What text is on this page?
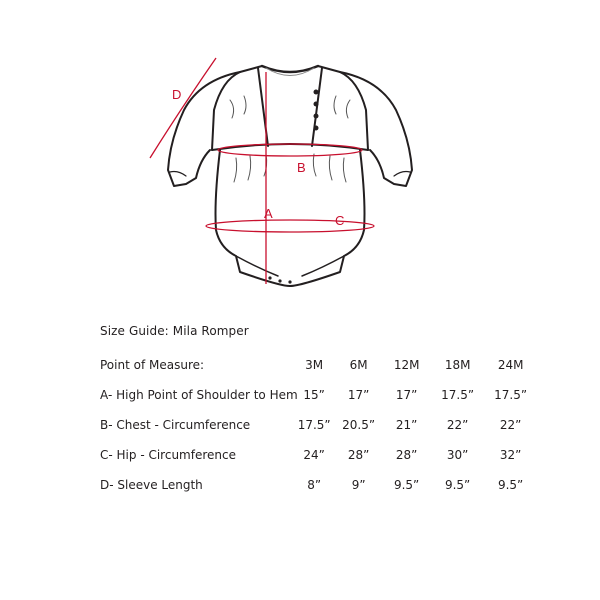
D
B
A	C
Size Guide: Mila Romper
Point of Measure:	3M	6M	12M	18M	24M
A- High Point of Shoulder to Hem	15”	17”	17”	17.5”	17.5”
B- Chest - Circumference	17.5”	20.5”	21”	22”	22”
C- Hip - Circumference	24”	28”	28”	30”	32”
D- Sleeve Length	8”	9”	9.5”	9.5”	9.5”
